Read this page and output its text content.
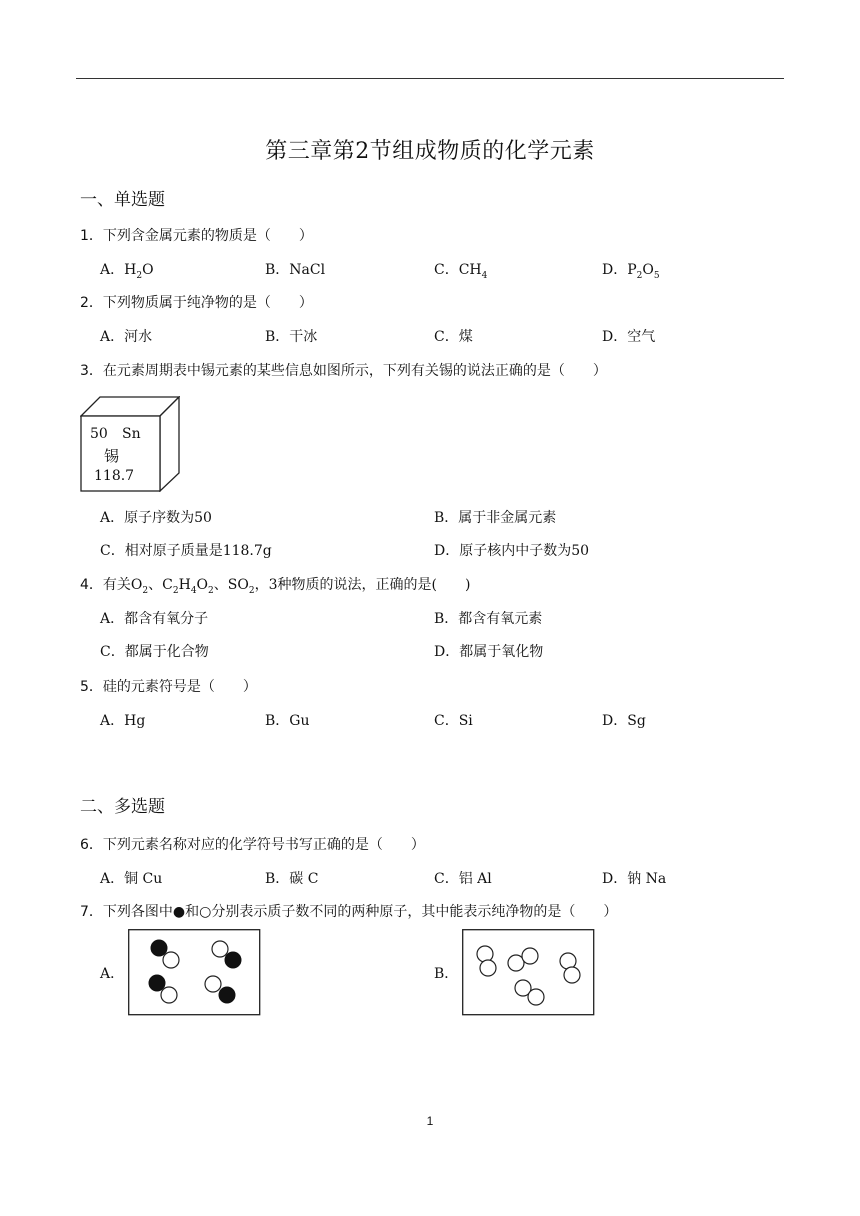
第三章第2节组成物质的化学元素
一、单选题
1．下列含金属元素的物质是（　　）
A．$H_2O$	B．NaCl	C．$CH_4$	D．$P_2O_5$
2．下列物质属于纯净物的是（　　）
A．河水	B．干冰	C．煤	D．空气
3．在元素周期表中锡元素的某些信息如图所示，下列有关锡的说法正确的是（　　）
50 Sn
锡
118.7
A．原子序数为50	B．属于非金属元素
C．相对原子质量是118.7g	D．原子核内中子数为50
4．有关$O_2$、$C_2H_4O_2$、$SO_2$，3种物质的说法，正确的是(　　)
A．都含有氧分子	B．都含有氧元素
C．都属于化合物	D．都属于氧化物
5．硅的元素符号是（　　）
A．Hg	B．Gu	C．Si	D．Sg
二、多选题
6．下列元素名称对应的化学符号书写正确的是（　　）
A．铜 Cu	B．碳 C	C．铝 Al	D．钠 Na
7．下列各图中●和○分别表示质子数不同的两种原子，其中能表示纯净物的是（　　）
A．	B．
1
